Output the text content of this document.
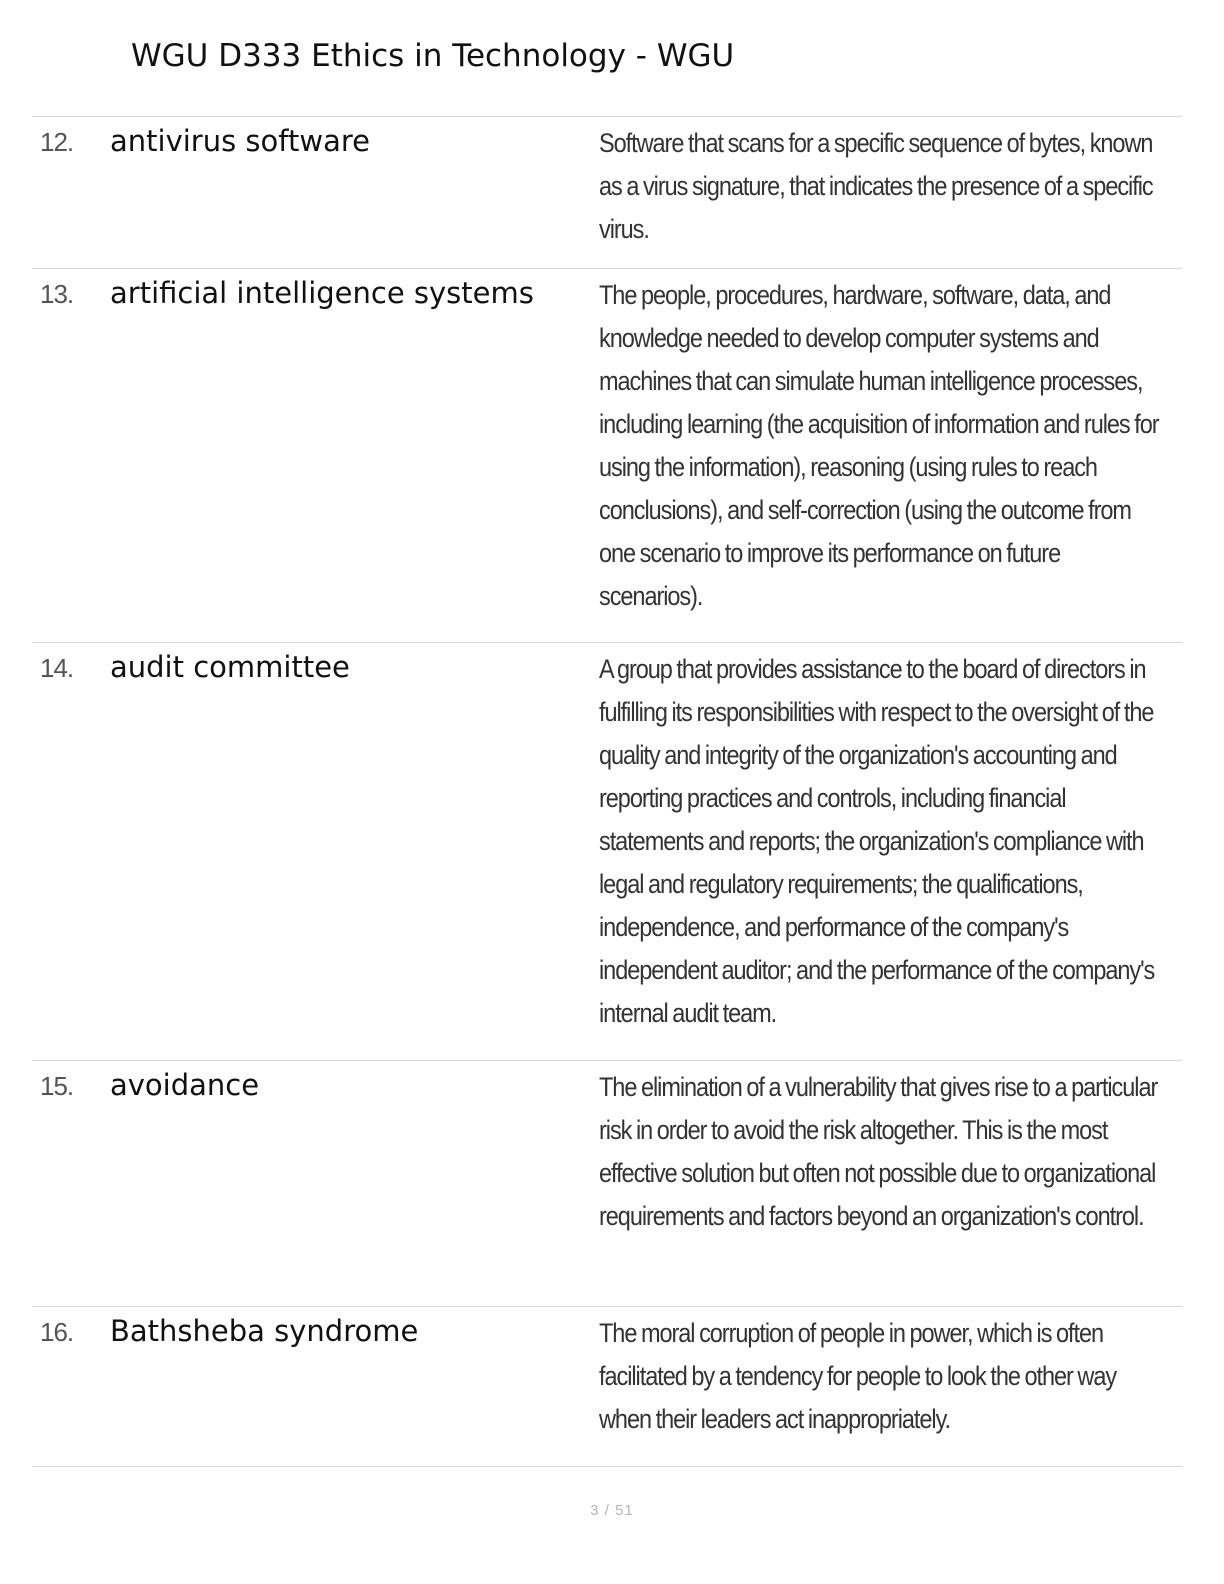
WGU D333 Ethics in Technology - WGU
12.	antivirus software	Software that scans for a specific sequence of bytes, known as a virus signature, that indicates the presence of a specific virus.
13.	artificial intelligence systems	The people, procedures, hardware, software, data, and knowledge needed to develop computer systems and machines that can simulate human intelligence processes, including learning (the acquisition of information and rules for using the information), reasoning (using rules to reach conclusions), and self-correction (using the outcome from one scenario to improve its performance on future scenarios).
14.	audit committee	A group that provides assistance to the board of directors in fulfilling its responsibilities with respect to the oversight of the quality and integrity of the organization's accounting and reporting practices and controls, including financial statements and reports; the organization's compliance with legal and regulatory requirements; the qualifications, independence, and performance of the company's independent auditor; and the performance of the company's internal audit team.
15.	avoidance	The elimination of a vulnerability that gives rise to a particular risk in order to avoid the risk altogether. This is the most effective solution but often not possible due to organizational requirements and factors beyond an organization's control.
16.	Bathsheba syndrome	The moral corruption of people in power, which is often facilitated by a tendency for people to look the other way when their leaders act inappropriately.
3 / 51
